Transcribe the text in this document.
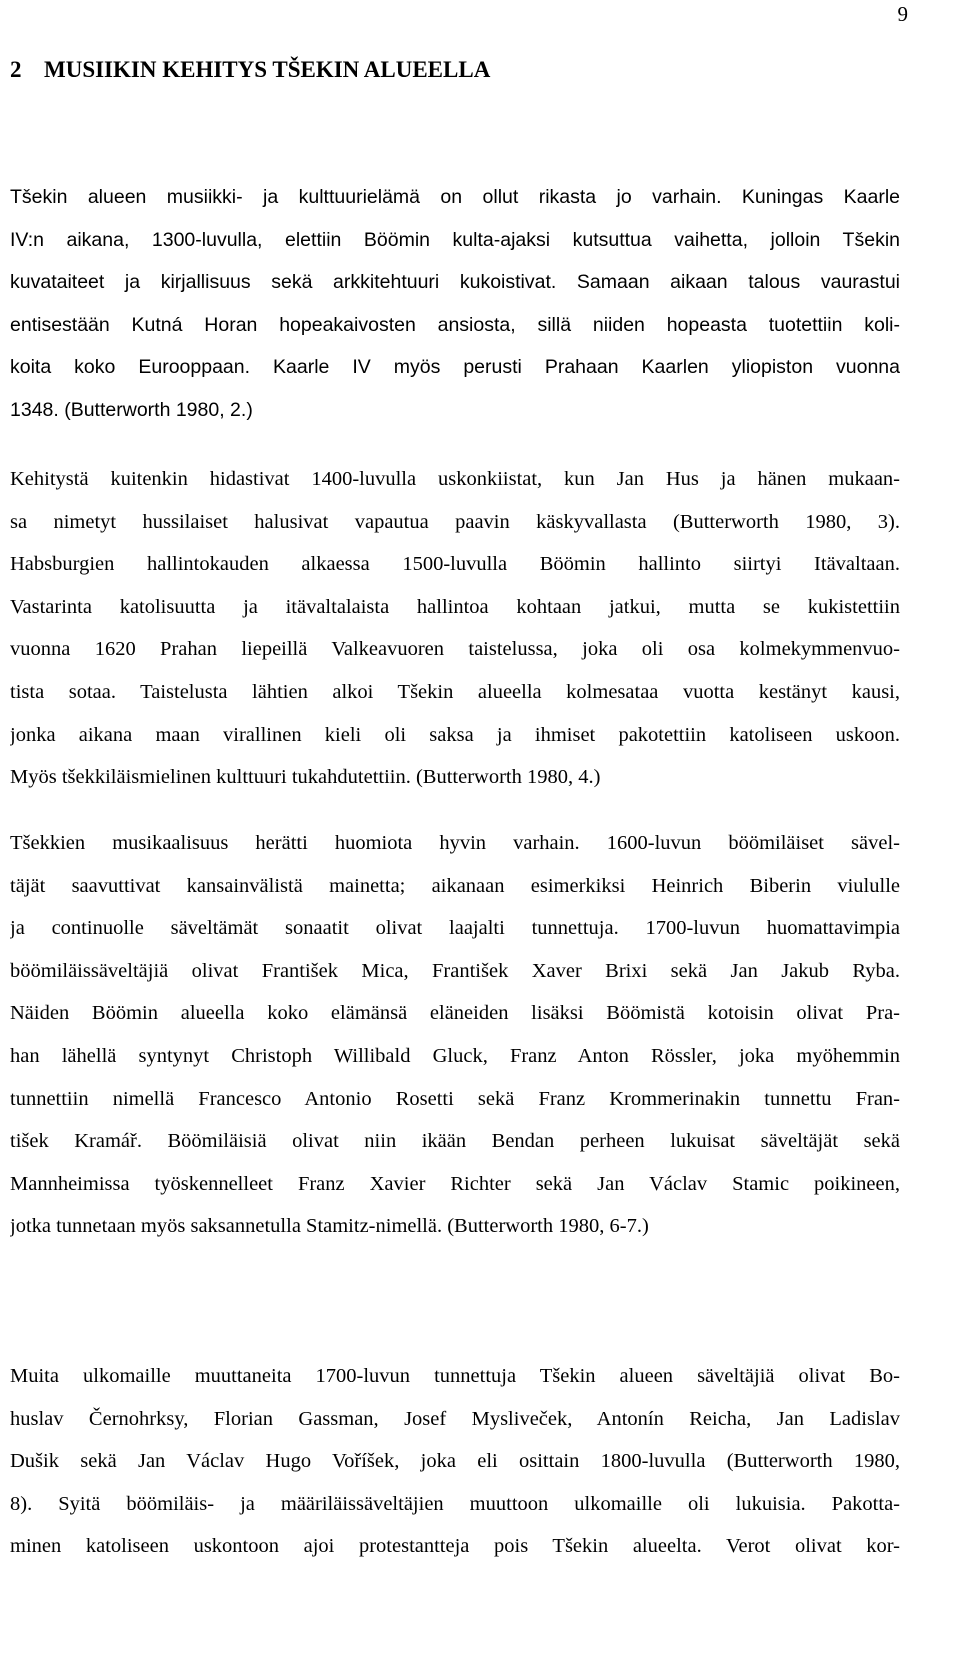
9
2 MUSIIKIN KEHITYS TŠEKIN ALUEELLA
Tšekin alueen musiikki- ja kulttuurielämä on ollut rikasta jo varhain. Kuningas Kaarle
IV:n aikana, 1300-luvulla, elettiin Böömin kulta-ajaksi kutsuttua vaihetta, jolloin Tšekin
kuvataiteet ja kirjallisuus sekä arkkitehtuuri kukoistivat. Samaan aikaan talous vaurastui
entisestään Kutná Horan hopeakaivosten ansiosta, sillä niiden hopeasta tuotettiin koli-
koita koko Eurooppaan. Kaarle IV myös perusti Prahaan Kaarlen yliopiston vuonna
1348. (Butterworth 1980, 2.)
Kehitystä kuitenkin hidastivat 1400-luvulla uskonkiistat, kun Jan Hus ja hänen mukaan-
sa nimetyt hussilaiset halusivat vapautua paavin käskyvallasta (Butterworth 1980, 3).
Habsburgien hallintokauden alkaessa 1500-luvulla Böömin hallinto siirtyi Itävaltaan.
Vastarinta katolisuutta ja itävaltalaista hallintoa kohtaan jatkui, mutta se kukistettiin
vuonna 1620 Prahan liepeillä Valkeavuoren taistelussa, joka oli osa kolmekymmenvuo-
tista sotaa. Taistelusta lähtien alkoi Tšekin alueella kolmesataa vuotta kestänyt kausi,
jonka aikana maan virallinen kieli oli saksa ja ihmiset pakotettiin katoliseen uskoon.
Myös tšekkiläismielinen kulttuuri tukahdutettiin. (Butterworth 1980, 4.)
Tšekkien musikaalisuus herätti huomiota hyvin varhain. 1600-luvun böömiläiset sävel-
täjät saavuttivat kansainvälistä mainetta; aikanaan esimerkiksi Heinrich Biberin viululle
ja continuolle säveltämät sonaatit olivat laajalti tunnettuja. 1700-luvun huomattavimpia
böömiläissäveltäjiä olivat František Mica, František Xaver Brixi sekä Jan Jakub Ryba.
Näiden Böömin alueella koko elämänsä eläneiden lisäksi Böömistä kotoisin olivat Pra-
han lähellä syntynyt Christoph Willibald Gluck, Franz Anton Rössler, joka myöhemmin
tunnettiin nimellä Francesco Antonio Rosetti sekä Franz Krommerinakin tunnettu Fran-
tišek Kramář. Böömiläisiä olivat niin ikään Bendan perheen lukuisat säveltäjät sekä
Mannheimissa työskennelleet Franz Xavier Richter sekä Jan Václav Stamic poikineen,
jotka tunnetaan myös saksannetulla Stamitz-nimellä. (Butterworth 1980, 6-7.)
Muita ulkomaille muuttaneita 1700-luvun tunnettuja Tšekin alueen säveltäjiä olivat Bo-
huslav Černohrksy, Florian Gassman, Josef Mysliveček, Antonín Reicha, Jan Ladislav
Dušik sekä Jan Václav Hugo Voříšek, joka eli osittain 1800-luvulla (Butterworth 1980,
8). Syitä böömiläis- ja määriläissäveltäjien muuttoon ulkomaille oli lukuisia. Pakotta-
minen katoliseen uskontoon ajoi protestantteja pois Tšekin alueelta. Verot olivat kor-
